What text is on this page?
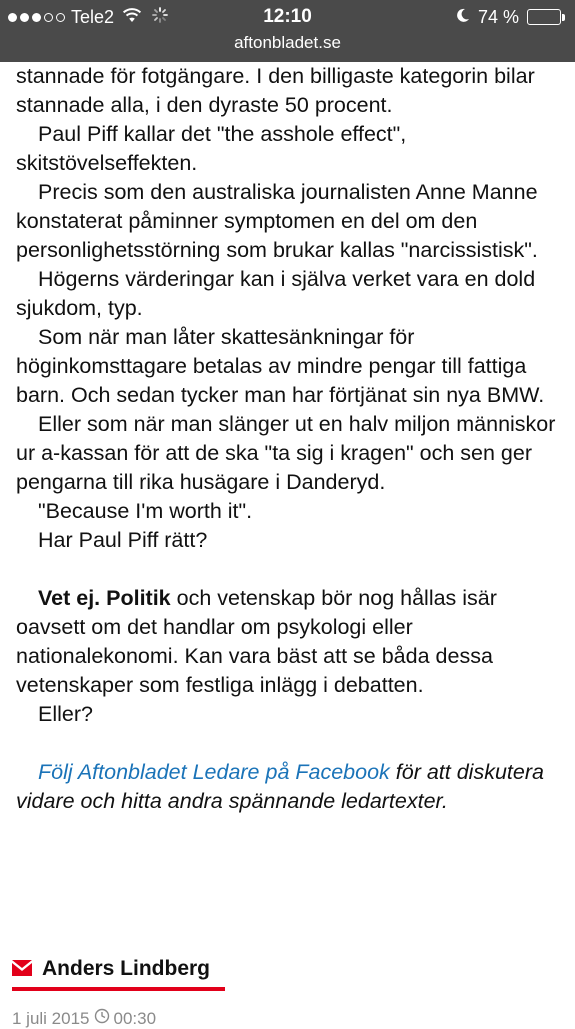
Tele2	12:10	74 %
aftonbladet.se

stannade för fotgängare. I den billigaste kategorin bilar stannade alla, i den dyraste 50 procent.

Paul Piff kallar det "the asshole effect", skitstövelseffekten.

Precis som den australiska journalisten Anne Manne konstaterat påminner symptomen en del om den personlighetsstörning som brukar kallas "narcissistisk".

Högerns värderingar kan i själva verket vara en dold sjukdom, typ.

Som när man låter skattesänkningar för höginkomsttagare betalas av mindre pengar till fattiga barn. Och sedan tycker man har förtjänat sin nya BMW.

Eller som när man slänger ut en halv miljon människor ur a-kassan för att de ska "ta sig i kragen" och sen ger pengarna till rika husägare i Danderyd.

"Because I'm worth it".

Har Paul Piff rätt?

Vet ej. Politik och vetenskap bör nog hållas isär oavsett om det handlar om psykologi eller nationalekonomi. Kan vara bäst att se båda dessa vetenskaper som festliga inlägg i debatten.

Eller?

Följ Aftonbladet Ledare på Facebook för att diskutera vidare och hitta andra spännande ledartexter.

Anders Lindberg
1 juli 2015 00:30
